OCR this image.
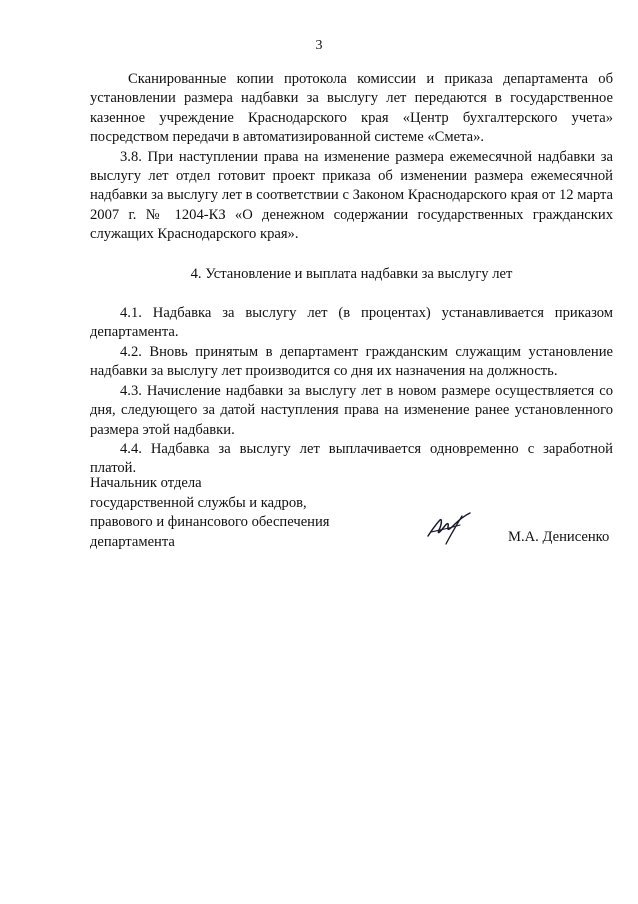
3

Сканированные копии протокола комиссии и приказа департамента об установлении размера надбавки за выслугу лет передаются в государственное казенное учреждение Краснодарского края «Центр бухгалтерского учета» посредством передачи в автоматизированной системе «Смета».

3.8. При наступлении права на изменение размера ежемесячной надбавки за выслугу лет отдел готовит проект приказа об изменении размера ежемесячной надбавки за выслугу лет в соответствии с Законом Краснодарского края от 12 марта 2007 г. № 1204-КЗ «О денежном содержании государственных гражданских служащих Краснодарского края».

4. Установление и выплата надбавки за выслугу лет

4.1. Надбавка за выслугу лет (в процентах) устанавливается приказом департамента.

4.2. Вновь принятым в департамент гражданским служащим установление надбавки за выслугу лет производится со дня их назначения на должность.

4.3. Начисление надбавки за выслугу лет в новом размере осуществляется со дня, следующего за датой наступления права на изменение ранее установленного размера этой надбавки.

4.4. Надбавка за выслугу лет выплачивается одновременно с заработной платой.

Начальник отдела
государственной службы и кадров,
правового и финансового обеспечения
департамента	М.А. Денисенко
